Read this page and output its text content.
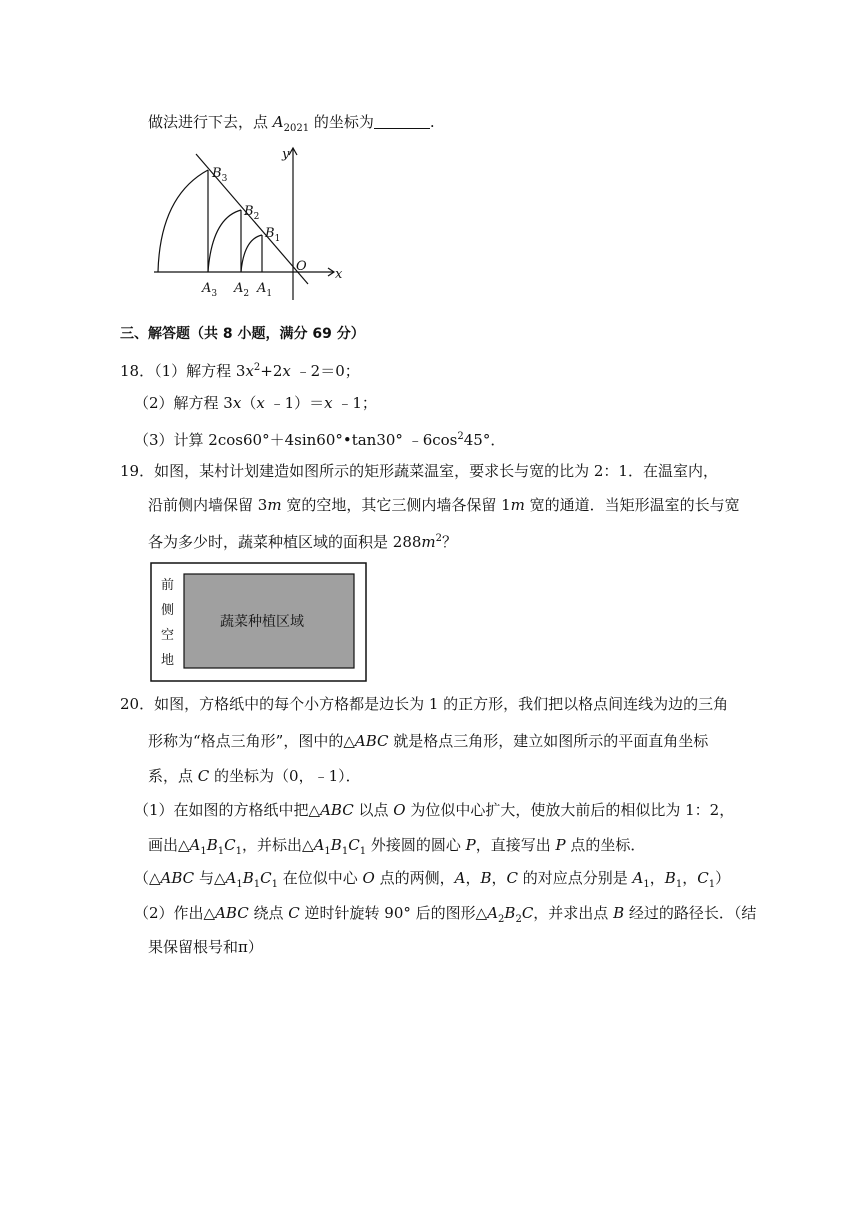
做法进行下去，点 $A_{2021}$ 的坐标为	.
y
x
O
$B_3$
$B_2$
$B_1$
$A_3$ $A_2$ $A_1$
三、解答题（共 8 小题，满分 69 分）
18．（1）解方程 $3x^2+2x$ ﹣2＝0；
（2）解方程 3x（x ﹣1）＝x ﹣1；
（3）计算 2cos60°＋4sin60°•tan30° $﹣6\cos^245^\circ$．
19．如图，某村计划建造如图所示的矩形蔬菜温室，要求长与宽的比为 2：1．在温室内，
沿前侧内墙保留 3m 宽的空地，其它三侧内墙各保留 1m 宽的通道．当矩形温室的长与宽
各为多少时，蔬菜种植区域的面积是 $288m^2$？
前
侧
空
地
蔬菜种植区域
20．如图，方格纸中的每个小方格都是边长为 1 的正方形，我们把以格点间连线为边的三角
形称为“格点三角形”，图中的△ABC 就是格点三角形，建立如图所示的平面直角坐标
系，点 C 的坐标为（0，﹣1）．
（1）在如图的方格纸中把△ABC 以点 O 为位似中心扩大，使放大前后的相似比为 1：2，
画出$\triangle A_1B_1C_1$，并标出$\triangle A_1B_1C_1$ 外接圆的圆心 P，直接写出 P 点的坐标．
（△ABC 与$\triangle A_1B_1C_1$ 在位似中心 O 点的两侧，A，B，C 的对应点分别是 $A_1$，$B_1$，$C_1$）
（2）作出△ABC 绕点 C 逆时针旋转 90° 后的图形$\triangle A_2B_2C$，并求出点 B 经过的路径长．（结
果保留根号和π）
